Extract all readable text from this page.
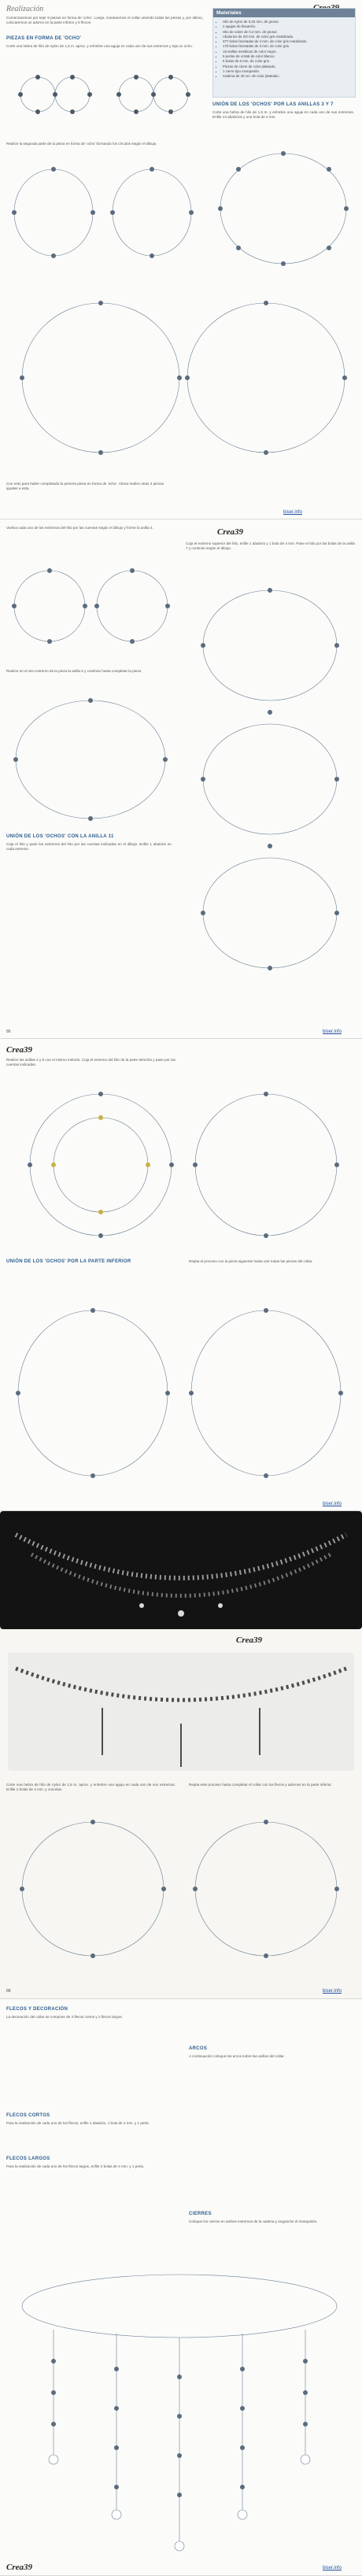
Realización
Comenzaremos por tejer 9 piezas en forma de 'ocho'. Luego, montaremos el collar uniendo todas las piezas y, por último, colocaremos un adorno en la parte inferior y 5 flecos.
PIEZAS EN FORMA DE 'OCHO'
Corte una hebra de hilo de nylon de 1,5 m. aprox. y enhebre una aguja en cada uno de sus extremos y teja un ocho.
Realice la segunda parte de la pieza en forma de 'ocho' formando los círculos según el dibujo.
Materiales
▪ Hilo de nylon de 0,20 mm. de grosor.
▪ 2 agujas de bisutería.
▪ Hilo de cobre de 0,4 mm. de grosor.
▪ Abalorios de 2/3 mm. de color gris metalizado.
▪ 377 bolas facetadas de 4 mm. de color gris metalizado.
▪ 170 bolas facetadas de 3 mm. de color gris.
▪ 18 anillas metálicas de color negro.
▪ 5 perlas de cristal de color blanco.
▪ 5 bolas de 6 mm. de color gris.
▪ Pinzas de cierre de color plateado.
▪ 1 cierre tipo mosquetón.
▪ Cadena de 40 cm. de color plateado.
UNIÓN DE LOS 'OCHOS' POR LAS ANILLAS 3 Y 7
Corte una hebra de hilo de 1,5 m. y enhebre una aguja en cada uno de sus extremos. Enfile 14 abalorios y una bola de 4 mm.
Con esto para haber completado la primera pieza en forma de 'ocho'. Ahora realice otras 4 piezas iguales a esta.
biser.info
Vuelva cada uno de los extremos del hilo por las cuentas según el dibujo y forme la anilla 4.	Crea39
Coja el extremo superior del hilo, enfile 1 abalorio y 1 bola de 4 mm. Pase el hilo por las bolas de la anilla 7 y continúe según el dibujo.
Realice en el otro extremo de la pieza la anilla 5 y continúe hasta completar la pieza.
UNIÓN DE LOS 'OCHOS' CON LA ANILLA 11
Coja el hilo y pase los extremos del hilo por las cuentas indicadas en el dibujo. Enfile 1 abalorio en cada extremo.
86	biser.info
Crea39
Realice las anillas 4 y 5 con el mismo método. Coja el extremo del hilo de la parte derecha y pase por las cuentas indicadas.
UNIÓN DE LOS 'OCHOS' POR LA PARTE INFERIOR	Repita el proceso con la pieza siguiente hasta unir todas las piezas del collar.
biser.info
Crea39
Corte una hebra de hilo de nylon de 1,5 m. aprox. y enhebre una aguja en cada uno de sus extremos. Enfile 2 bolas de 4 mm. y crúcelas.
Repita este proceso hasta completar el collar con los flecos y adornos en la parte inferior.
88	biser.info
FLECOS Y DECORACIÓN
La decoración del collar se compone de 3 flecos cortos y 2 flecos largos.
FLECOS CORTOS
Para la realización de cada uno de los flecos, enfile 1 abalorio, 1 bola de 4 mm. y 1 perla.
FLECOS LARGOS
Para la realización de cada uno de los flecos largos, enfile 2 bolas de 4 mm. y 1 perla.
ARCOS
A continuación coloque los arcos sobre las anillas del collar.
CIERRES
Coloque los cierres en ambos extremos de la cadena y enganche el mosquetón.
Crea39	biser.info
